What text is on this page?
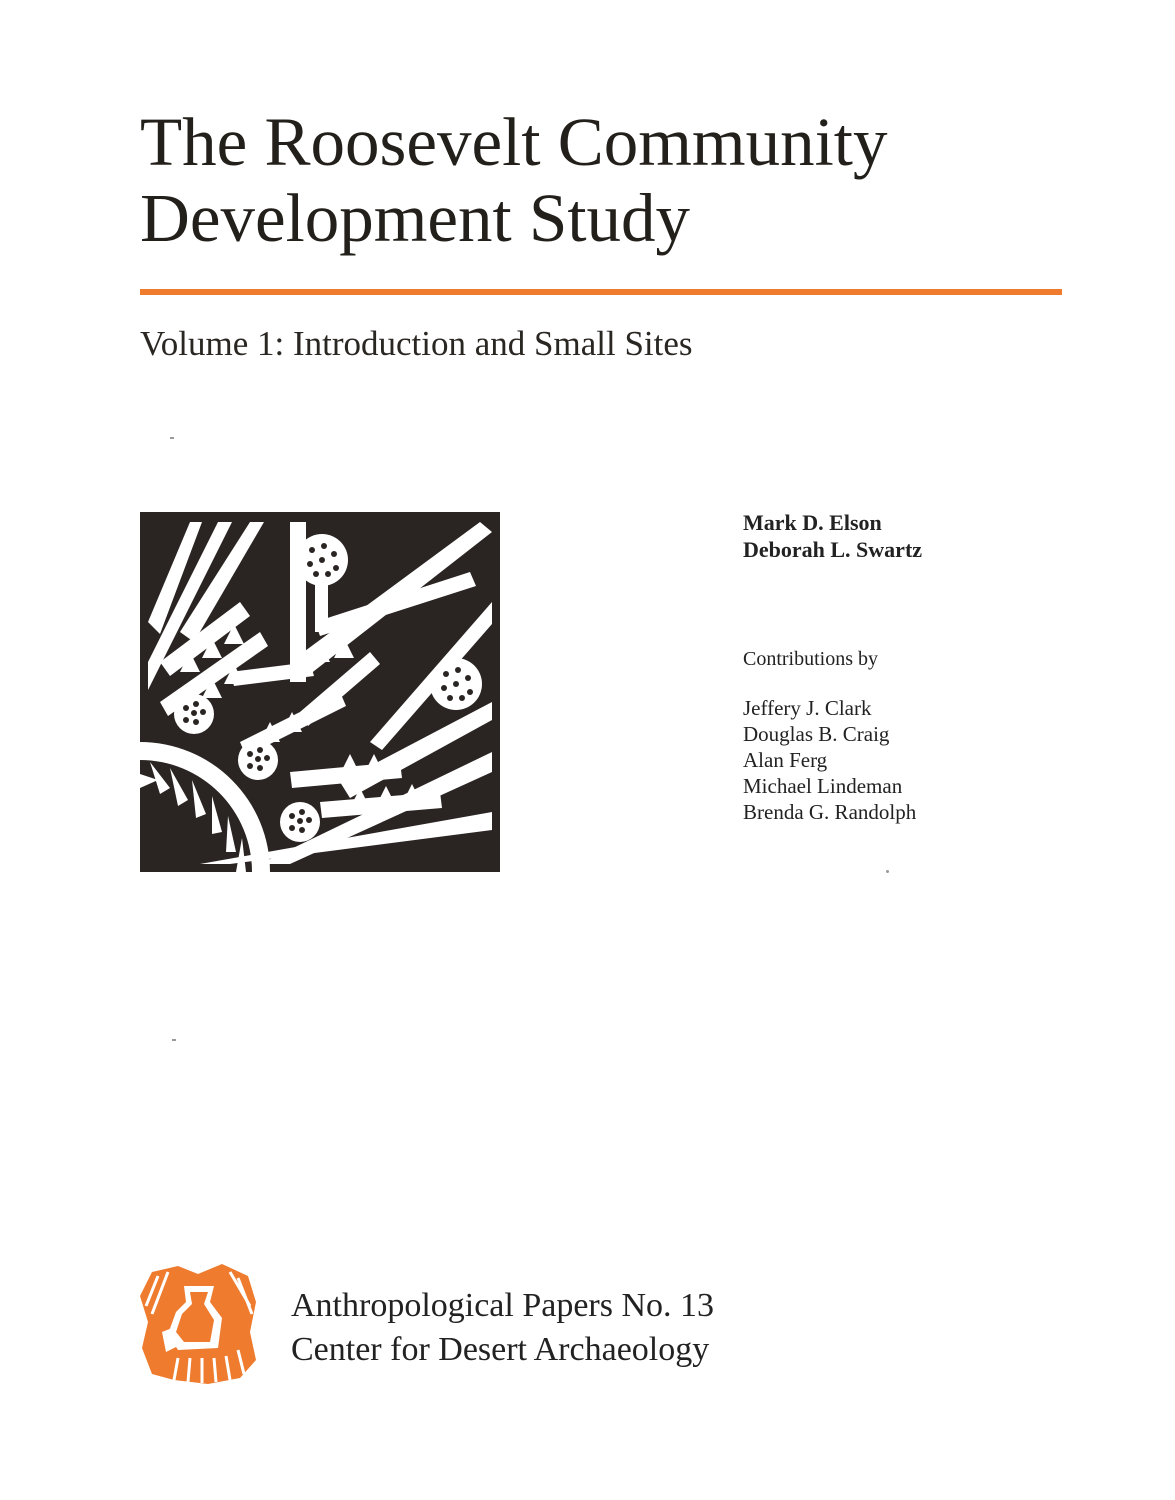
The Roosevelt Community
Development Study
Volume 1: Introduction and Small Sites
Mark D. Elson
Deborah L. Swartz
Contributions by
Jeffery J. Clark
Douglas B. Craig
Alan Ferg
Michael Lindeman
Brenda G. Randolph
Anthropological Papers No. 13
Center for Desert Archaeology
